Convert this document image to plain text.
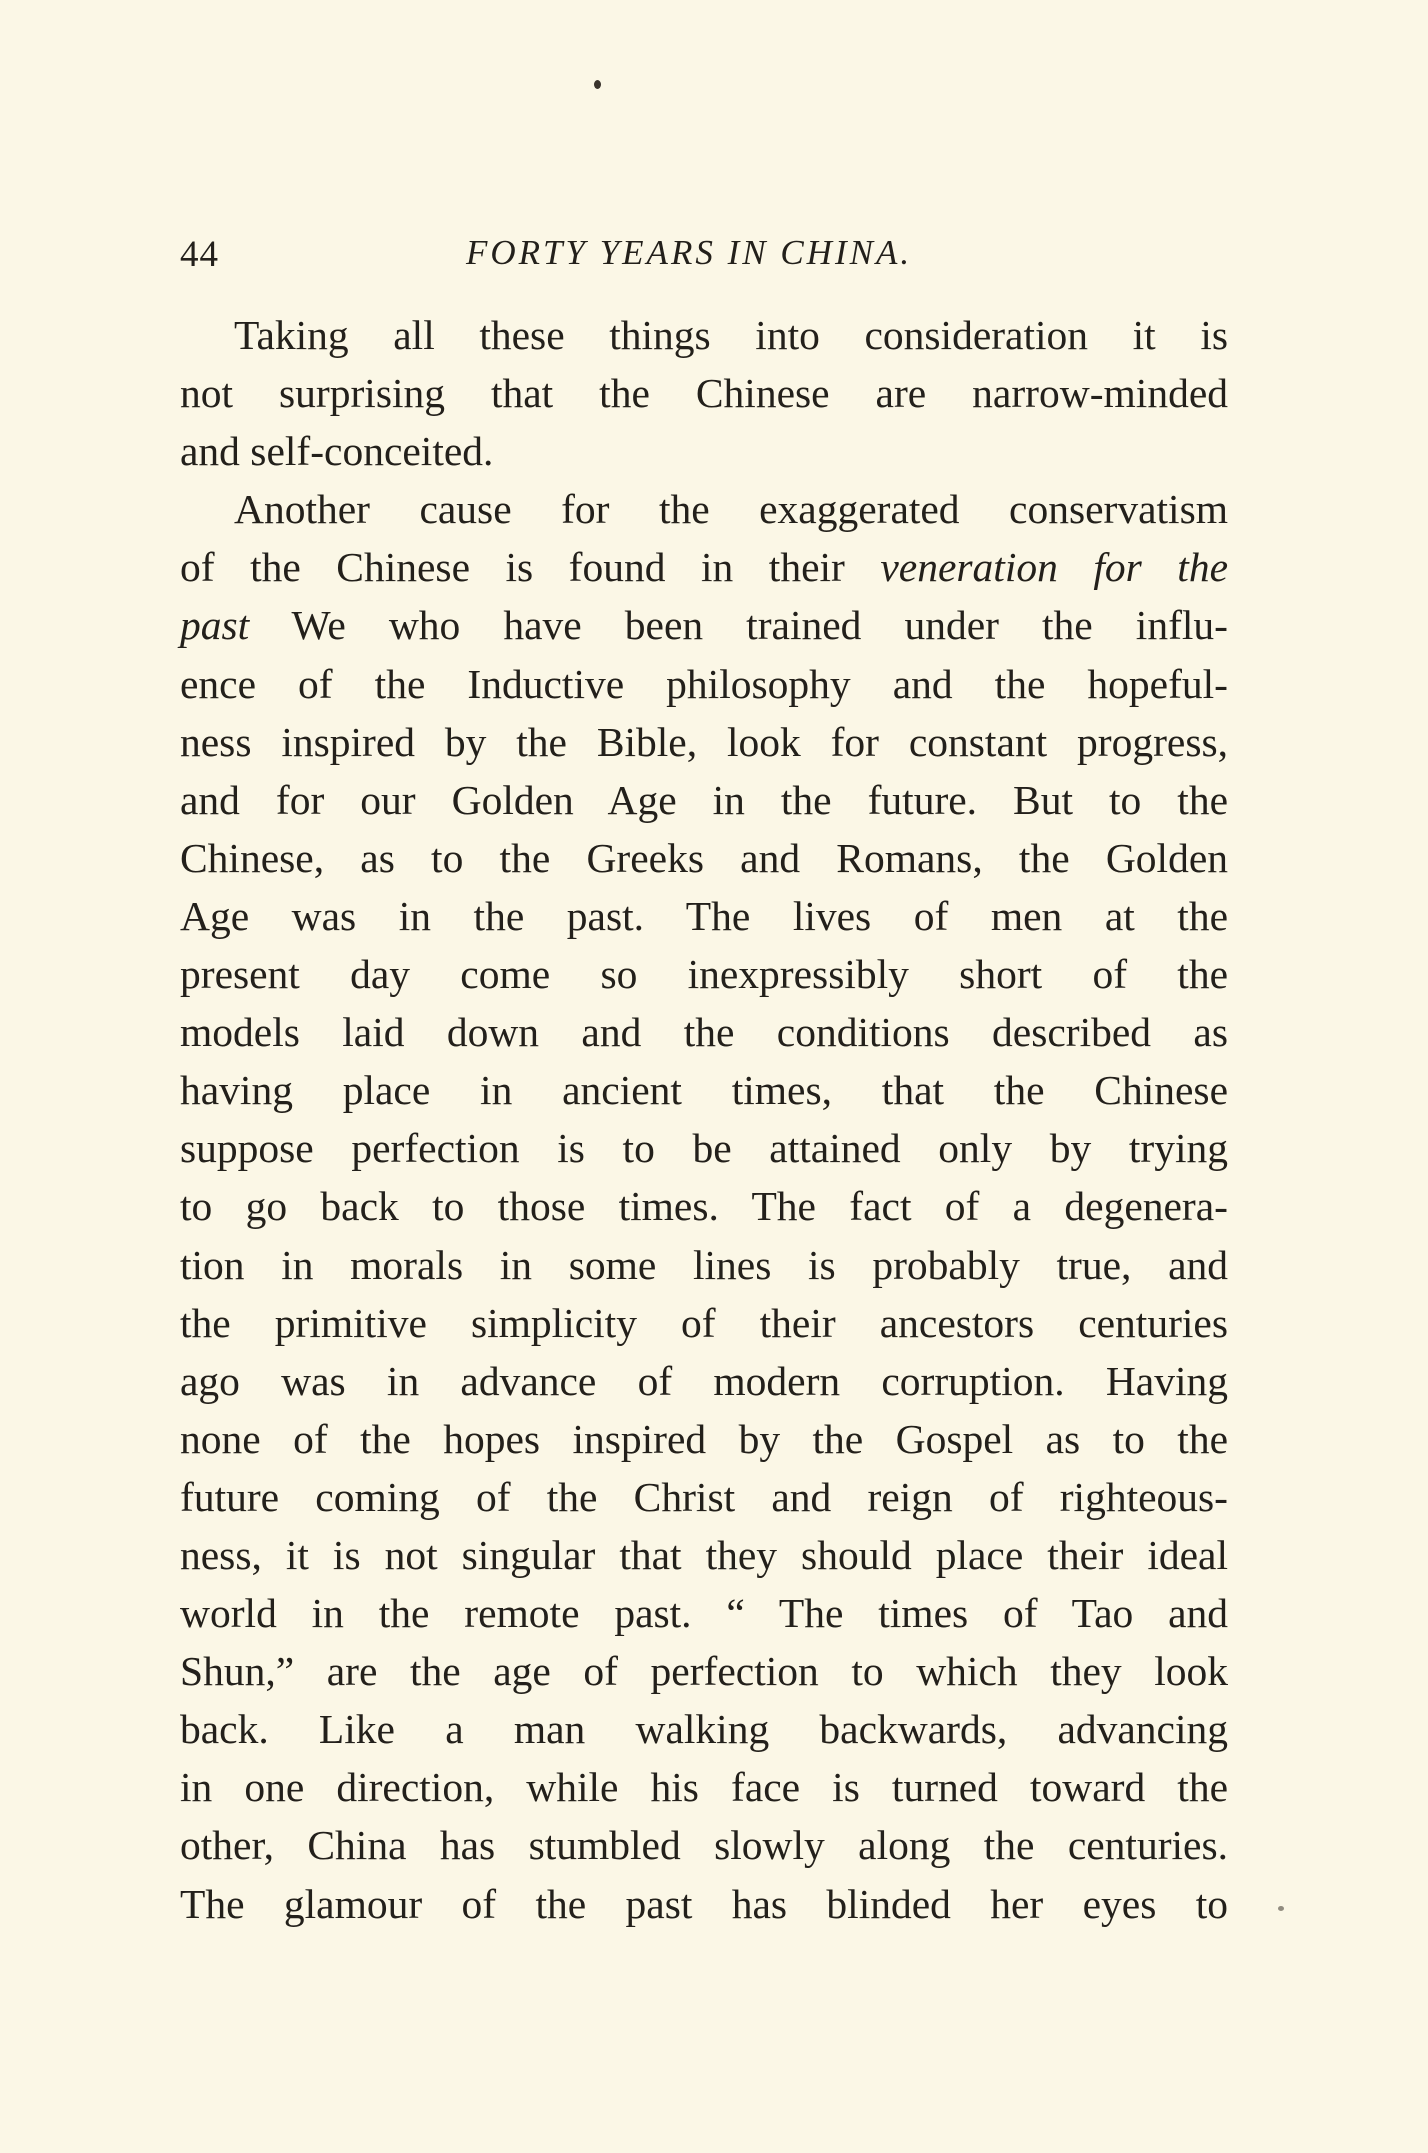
44	FORTY YEARS IN CHINA.
Taking all these things into consideration it is
not surprising that the Chinese are narrow-minded
and self-conceited.
Another cause for the exaggerated conservatism
of the Chinese is found in their veneration for the
past We who have been trained under the influ-
ence of the Inductive philosophy and the hopeful-
ness inspired by the Bible, look for constant progress,
and for our Golden Age in the future. But to the
Chinese, as to the Greeks and Romans, the Golden
Age was in the past. The lives of men at the
present day come so inexpressibly short of the
models laid down and the conditions described as
having place in ancient times, that the Chinese
suppose perfection is to be attained only by trying
to go back to those times. The fact of a degenera-
tion in morals in some lines is probably true, and
the primitive simplicity of their ancestors centuries
ago was in advance of modern corruption. Having
none of the hopes inspired by the Gospel as to the
future coming of the Christ and reign of righteous-
ness, it is not singular that they should place their ideal
world in the remote past. “ The times of Tao and
Shun,” are the age of perfection to which they look
back. Like a man walking backwards, advancing
in one direction, while his face is turned toward the
other, China has stumbled slowly along the centuries.
The glamour of the past has blinded her eyes to
